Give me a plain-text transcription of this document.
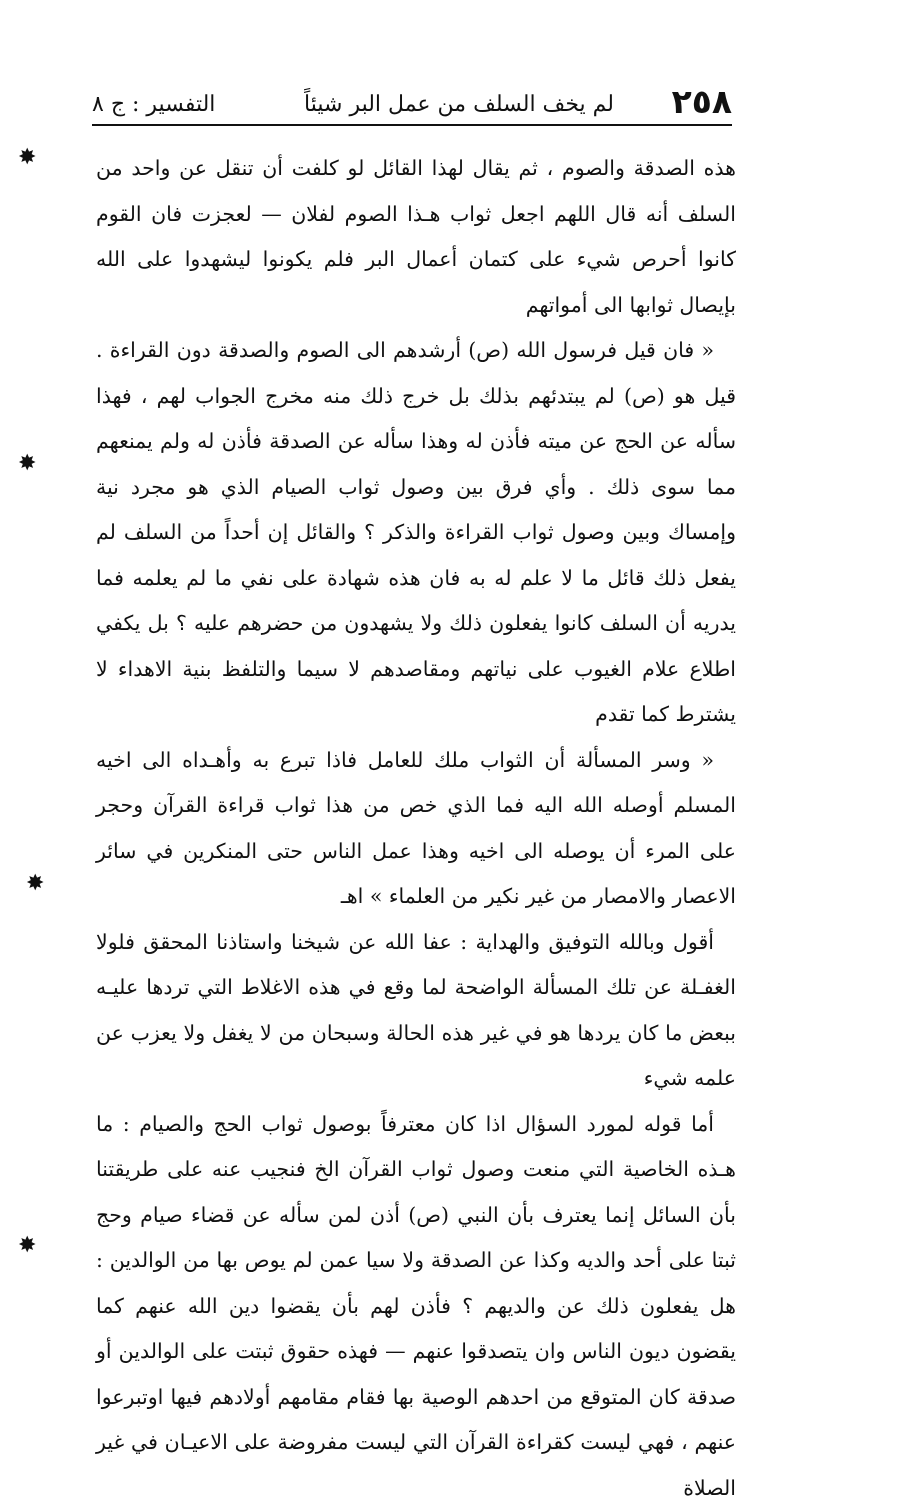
٢٥٨
لم يخف السلف من عمل البر شيئاً
التفسير : ج ٨
✸
✸
✸
✸

هذه الصدقة والصوم ، ثم يقال لهذا القائل لو كلفت أن تنقل عن واحد من السلف أنه قال اللهم اجعل ثواب هـذا الصوم لفلان — لعجزت فان القوم كانوا أحرص شيء على كتمان أعمال البر فلم يكونوا ليشهدوا على الله بإيصال ثوابها الى أمواتهم

« فان قيل فرسول الله (ص) أرشدهم الى الصوم والصدقة دون القراءة . قيل هو (ص) لم يبتدئهم بذلك بل خرج ذلك منه مخرج الجواب لهم ، فهذا سأله عن الحج عن ميته فأذن له وهذا سأله عن الصدقة فأذن له ولم يمنعهم مما سوى ذلك . وأي فرق بين وصول ثواب الصيام الذي هو مجرد نية وإمساك وبين وصول ثواب القراءة والذكر ؟ والقائل إن أحداً من السلف لم يفعل ذلك قائل ما لا علم له به فان هذه شهادة على نفي ما لم يعلمه فما يدريه أن السلف كانوا يفعلون ذلك ولا يشهدون من حضرهم عليه ؟ بل يكفي اطلاع علام الغيوب على نياتهم ومقاصدهم لا سيما والتلفظ بنية الاهداء لا يشترط كما تقدم

« وسر المسألة أن الثواب ملك للعامل فاذا تبرع به وأهـداه الى اخيه المسلم أوصله الله اليه فما الذي خص من هذا ثواب قراءة القرآن وحجر على المرء أن يوصله الى اخيه وهذا عمل الناس حتى المنكرين في سائر الاعصار والامصار من غير نكير من العلماء » اهـ

أقول وبالله التوفيق والهداية : عفا الله عن شيخنا واستاذنا المحقق فلولا الغفـلة عن تلك المسألة الواضحة لما وقع في هذه الاغلاط التي تردها عليـه ببعض ما كان يردها هو في غير هذه الحالة وسبحان من لا يغفل ولا يعزب عن علمه شيء

أما قوله لمورد السؤال اذا كان معترفاً بوصول ثواب الحج والصيام : ما هـذه الخاصية التي منعت وصول ثواب القرآن الخ فنجيب عنه على طريقتنا بأن السائل إنما يعترف بأن النبي (ص) أذن لمن سأله عن قضاء صيام وحج ثبتا على أحد والديه وكذا عن الصدقة ولا سيا عمن لم يوص بها من الوالدين : هل يفعلون ذلك عن والديهم ؟ فأذن لهم بأن يقضوا دين الله عنهم كما يقضون ديون الناس وان يتصدقوا عنهم — فهذه حقوق ثبتت على الوالدين أو صدقة كان المتوقع من احدهم الوصية بها فقام مقامهم أولادهم فيها اوتبرعوا عنهم ، فهي ليست كقراءة القرآن التي ليست مفروضة على الاعيـان في غير الصلاة
